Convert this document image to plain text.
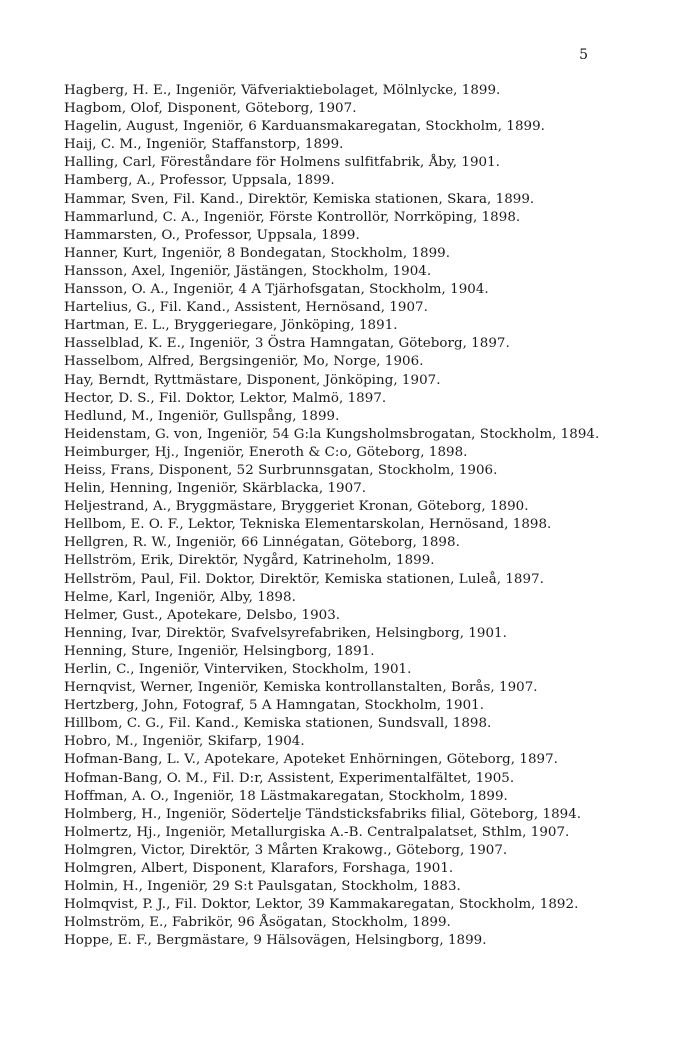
5
Hagberg, H. E., Ingeniör, Väfveriaktiebolaget, Mölnlycke, 1899.
Hagbom, Olof, Disponent, Göteborg, 1907.
Hagelin, August, Ingeniör, 6 Karduansmakaregatan, Stockholm, 1899.
Haij, C. M., Ingeniör, Staffanstorp, 1899.
Halling, Carl, Föreståndare för Holmens sulfitfabrik, Åby, 1901.
Hamberg, A., Professor, Uppsala, 1899.
Hammar, Sven, Fil. Kand., Direktör, Kemiska stationen, Skara, 1899.
Hammarlund, C. A., Ingeniör, Förste Kontrollör, Norrköping, 1898.
Hammarsten, O., Professor, Uppsala, 1899.
Hanner, Kurt, Ingeniör, 8 Bondegatan, Stockholm, 1899.
Hansson, Axel, Ingeniör, Jästängen, Stockholm, 1904.
Hansson, O. A., Ingeniör, 4 A Tjärhofsgatan, Stockholm, 1904.
Hartelius, G., Fil. Kand., Assistent, Hernösand, 1907.
Hartman, E. L., Bryggeriegare, Jönköping, 1891.
Hasselblad, K. E., Ingeniör, 3 Östra Hamngatan, Göteborg, 1897.
Hasselbom, Alfred, Bergsingeniör, Mo, Norge, 1906.
Hay, Berndt, Ryttmästare, Disponent, Jönköping, 1907.
Hector, D. S., Fil. Doktor, Lektor, Malmö, 1897.
Hedlund, M., Ingeniör, Gullspång, 1899.
Heidenstam, G. von, Ingeniör, 54 G:la Kungsholmsbrogatan, Stockholm, 1894.
Heimburger, Hj., Ingeniör, Eneroth & C:o, Göteborg, 1898.
Heiss, Frans, Disponent, 52 Surbrunnsgatan, Stockholm, 1906.
Helin, Henning, Ingeniör, Skärblacka, 1907.
Heljestrand, A., Bryggmästare, Bryggeriet Kronan, Göteborg, 1890.
Hellbom, E. O. F., Lektor, Tekniska Elementarskolan, Hernösand, 1898.
Hellgren, R. W., Ingeniör, 66 Linnégatan, Göteborg, 1898.
Hellström, Erik, Direktör, Nygård, Katrineholm, 1899.
Hellström, Paul, Fil. Doktor, Direktör, Kemiska stationen, Luleå, 1897.
Helme, Karl, Ingeniör, Alby, 1898.
Helmer, Gust., Apotekare, Delsbo, 1903.
Henning, Ivar, Direktör, Svafvelsyrefabriken, Helsingborg, 1901.
Henning, Sture, Ingeniör, Helsingborg, 1891.
Herlin, C., Ingeniör, Vinterviken, Stockholm, 1901.
Hernqvist, Werner, Ingeniör, Kemiska kontrollanstalten, Borås, 1907.
Hertzberg, John, Fotograf, 5 A Hamngatan, Stockholm, 1901.
Hillbom, C. G., Fil. Kand., Kemiska stationen, Sundsvall, 1898.
Hobro, M., Ingeniör, Skifarp, 1904.
Hofman-Bang, L. V., Apotekare, Apoteket Enhörningen, Göteborg, 1897.
Hofman-Bang, O. M., Fil. D:r, Assistent, Experimentalfältet, 1905.
Hoffman, A. O., Ingeniör, 18 Lästmakaregatan, Stockholm, 1899.
Holmberg, H., Ingeniör, Södertelje Tändsticksfabriks filial, Göteborg, 1894.
Holmertz, Hj., Ingeniör, Metallurgiska A.-B. Centralpalatset, Sthlm, 1907.
Holmgren, Victor, Direktör, 3 Mårten Krakowg., Göteborg, 1907.
Holmgren, Albert, Disponent, Klarafors, Forshaga, 1901.
Holmin, H., Ingeniör, 29 S:t Paulsgatan, Stockholm, 1883.
Holmqvist, P. J., Fil. Doktor, Lektor, 39 Kammakaregatan, Stockholm, 1892.
Holmström, E., Fabrikör, 96 Åsögatan, Stockholm, 1899.
Hoppe, E. F., Bergmästare, 9 Hälsovägen, Helsingborg, 1899.
